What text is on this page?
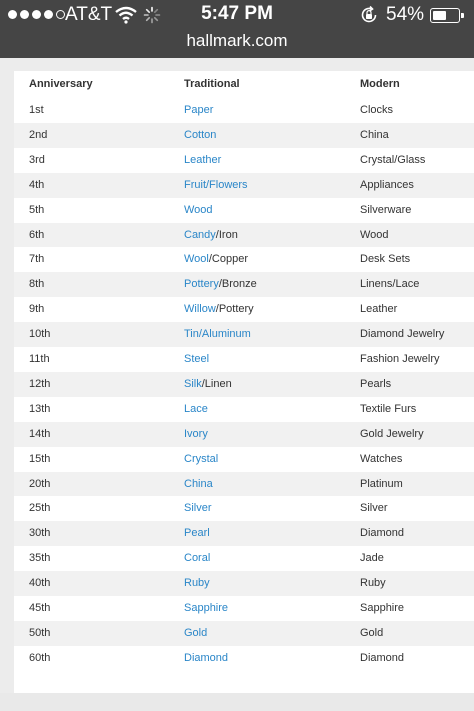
AT&T	5:47 PM	54%
hallmark.com
Anniversary	Traditional	Modern
1st	Paper	Clocks
2nd	Cotton	China
3rd	Leather	Crystal/Glass
4th	Fruit/Flowers	Appliances
5th	Wood	Silverware
6th	Candy/Iron	Wood
7th	Wool/Copper	Desk Sets
8th	Pottery/Bronze	Linens/Lace
9th	Willow/Pottery	Leather
10th	Tin/Aluminum	Diamond Jewelry
11th	Steel	Fashion Jewelry
12th	Silk/Linen	Pearls
13th	Lace	Textile Furs
14th	Ivory	Gold Jewelry
15th	Crystal	Watches
20th	China	Platinum
25th	Silver	Silver
30th	Pearl	Diamond
35th	Coral	Jade
40th	Ruby	Ruby
45th	Sapphire	Sapphire
50th	Gold	Gold
60th	Diamond	Diamond
